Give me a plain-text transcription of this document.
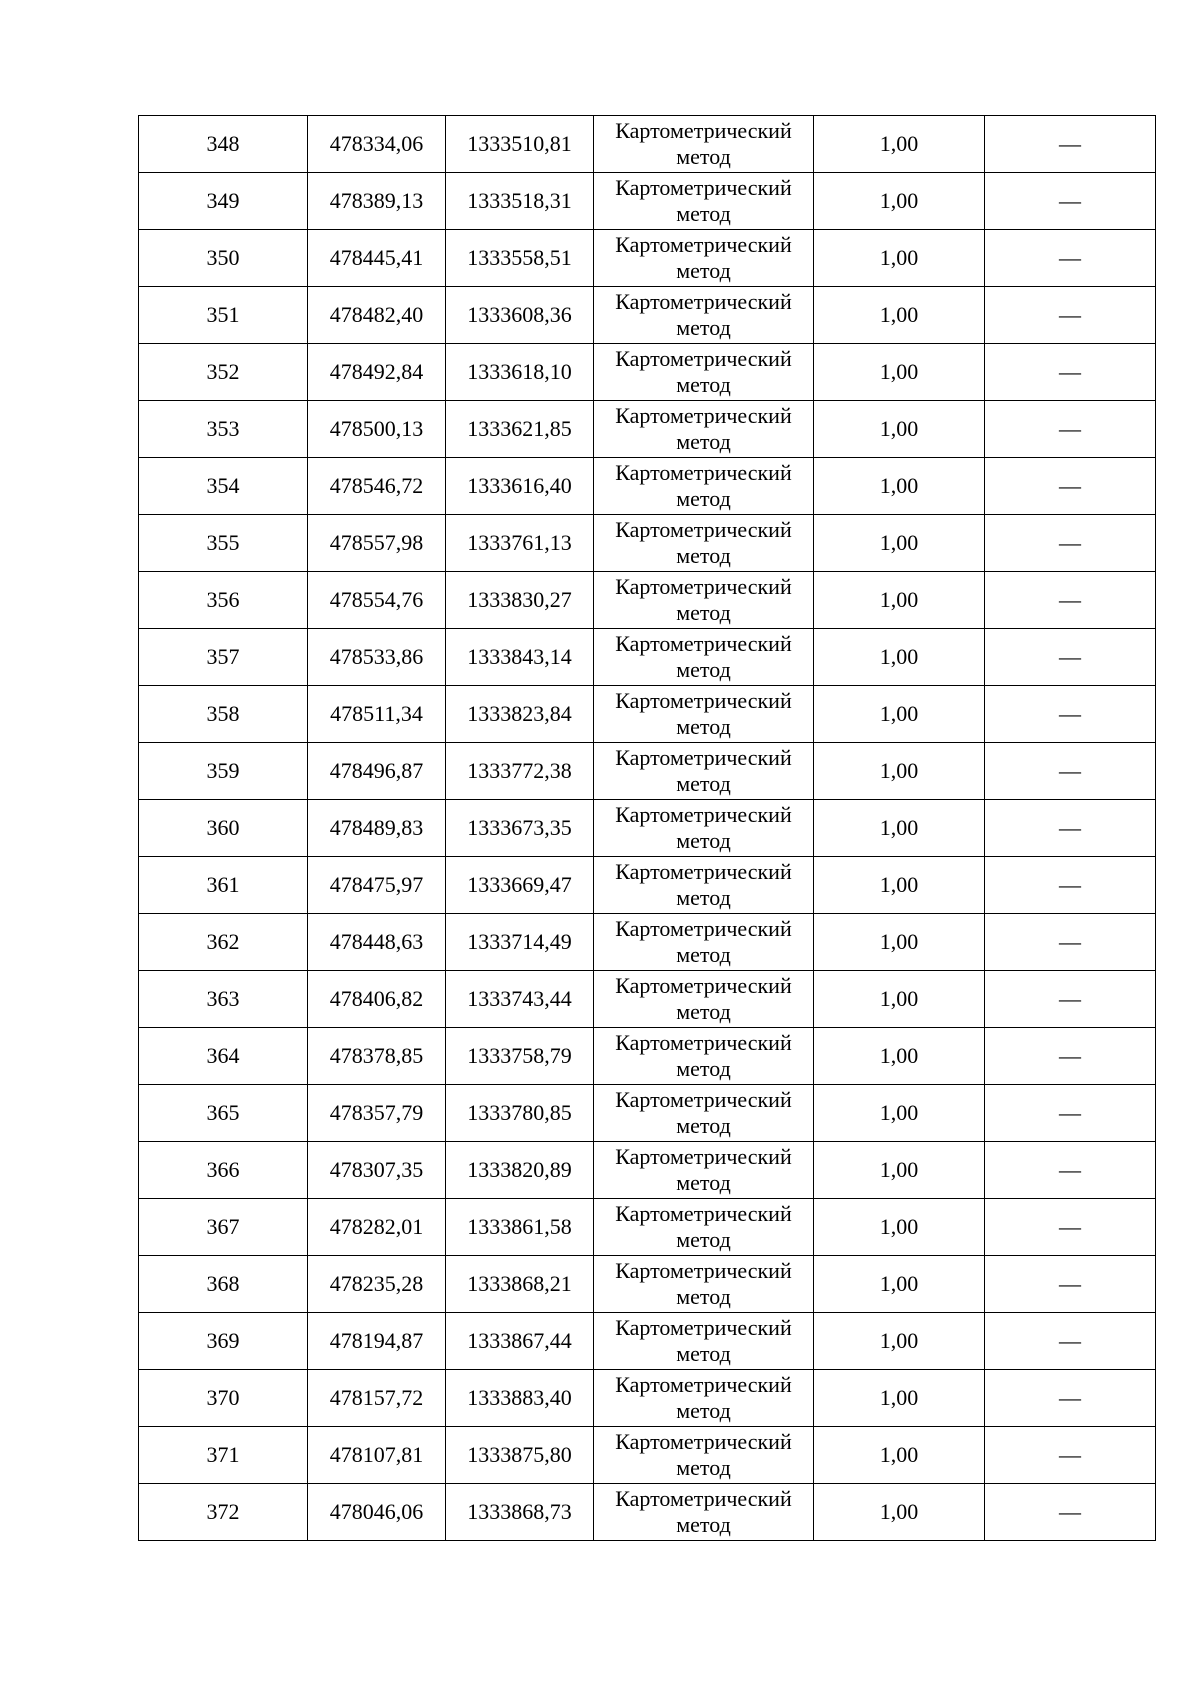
348	478334,06	1333510,81	Картометрический метод	1,00	—
349	478389,13	1333518,31	Картометрический метод	1,00	—
350	478445,41	1333558,51	Картометрический метод	1,00	—
351	478482,40	1333608,36	Картометрический метод	1,00	—
352	478492,84	1333618,10	Картометрический метод	1,00	—
353	478500,13	1333621,85	Картометрический метод	1,00	—
354	478546,72	1333616,40	Картометрический метод	1,00	—
355	478557,98	1333761,13	Картометрический метод	1,00	—
356	478554,76	1333830,27	Картометрический метод	1,00	—
357	478533,86	1333843,14	Картометрический метод	1,00	—
358	478511,34	1333823,84	Картометрический метод	1,00	—
359	478496,87	1333772,38	Картометрический метод	1,00	—
360	478489,83	1333673,35	Картометрический метод	1,00	—
361	478475,97	1333669,47	Картометрический метод	1,00	—
362	478448,63	1333714,49	Картометрический метод	1,00	—
363	478406,82	1333743,44	Картометрический метод	1,00	—
364	478378,85	1333758,79	Картометрический метод	1,00	—
365	478357,79	1333780,85	Картометрический метод	1,00	—
366	478307,35	1333820,89	Картометрический метод	1,00	—
367	478282,01	1333861,58	Картометрический метод	1,00	—
368	478235,28	1333868,21	Картометрический метод	1,00	—
369	478194,87	1333867,44	Картометрический метод	1,00	—
370	478157,72	1333883,40	Картометрический метод	1,00	—
371	478107,81	1333875,80	Картометрический метод	1,00	—
372	478046,06	1333868,73	Картометрический метод	1,00	—
